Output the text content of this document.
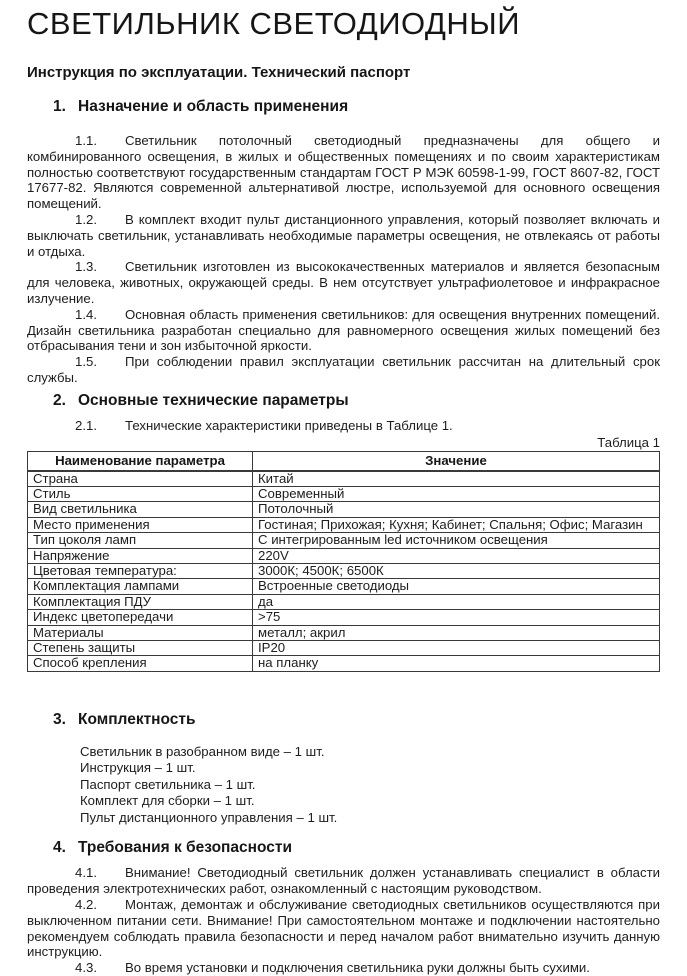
СВЕТИЛЬНИК СВЕТОДИОДНЫЙ
Инструкция по эксплуатации. Технический паспорт
1. Назначение и область применения

1.1. Светильник потолочный светодиодный предназначены для общего и комбинированного освещения, в жилых и общественных помещениях и по своим характеристикам полностью соответствуют государственным стандартам ГОСТ Р МЭК 60598-1-99, ГОСТ 8607-82, ГОСТ 17677-82. Являются современной альтернативой люстре, используемой для основного освещения помещений.

1.2. В комплект входит пульт дистанционного управления, который позволяет включать и выключать светильник, устанавливать необходимые параметры освещения, не отвлекаясь от работы и отдыха.

1.3. Светильник изготовлен из высококачественных материалов и является безопасным для человека, животных, окружающей среды. В нем отсутствует ультрафиолетовое и инфракрасное излучение.

1.4. Основная область применения светильников: для освещения внутренних помещений. Дизайн светильника разработан специально для равномерного освещения жилых помещений без отбрасывания тени и зон избыточной яркости.

1.5. При соблюдении правил эксплуатации светильник рассчитан на длительный срок службы.

2. Основные технические параметры

2.1. Технические характеристики приведены в Таблице 1.

Таблица 1
Наименование параметра	Значение
Страна	Китай
Стиль	Современный
Вид светильника	Потолочный
Место применения	Гостиная; Прихожая; Кухня; Кабинет; Спальня; Офис; Магазин
Тип цоколя ламп	С интегрированным led источником освещения
Напряжение	220V
Цветовая температура:	3000К; 4500К; 6500К
Комплектация лампами	Встроенные светодиоды
Комплектация ПДУ	да
Индекс цветопередачи	>75
Материалы	металл; акрил
Степень защиты	IP20
Способ крепления	на планку
3. Комплектность
Светильник в разобранном виде – 1 шт.
Инструкция – 1 шт.
Паспорт светильника – 1 шт.
Комплект для сборки – 1 шт.
Пульт дистанционного управления – 1 шт.
4. Требования к безопасности

4.1. Внимание! Светодиодный светильник должен устанавливать специалист в области проведения электротехнических работ, ознакомленный с настоящим руководством.

4.2. Монтаж, демонтаж и обслуживание светодиодных светильников осуществляются при выключенном питании сети. Внимание! При самостоятельном монтаже и подключении настоятельно рекомендуем соблюдать правила безопасности и перед началом работ внимательно изучить данную инструкцию.

4.3. Во время установки и подключения светильника руки должны быть сухими.
